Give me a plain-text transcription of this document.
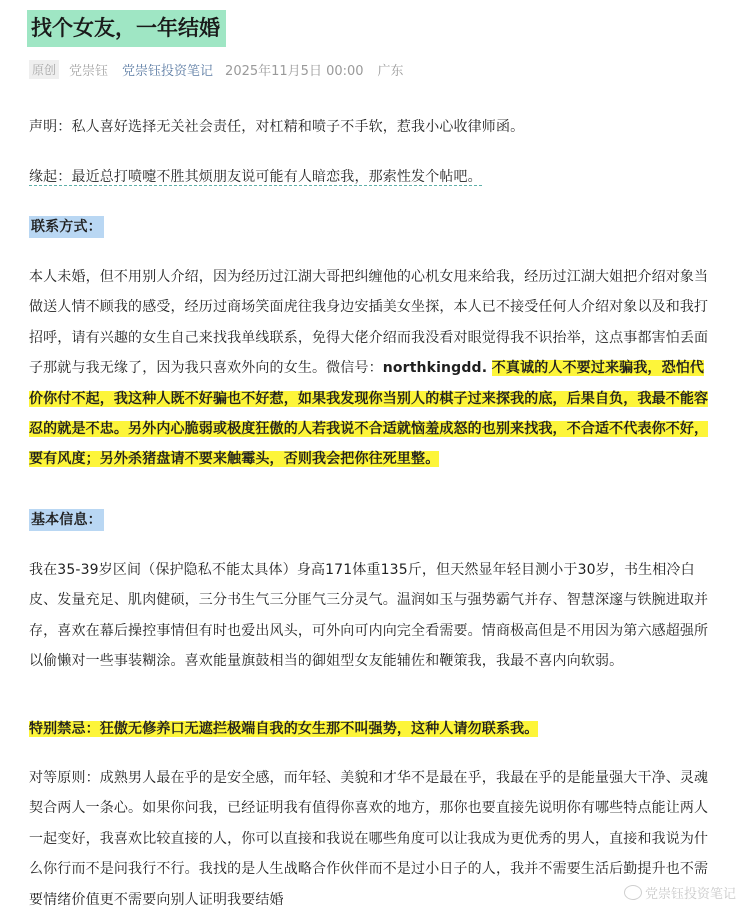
找个女友，一年结婚
原创 党崇钰 党崇钰投资笔记 2025年11月5日 00:00 广东

声明：私人喜好选择无关社会责任，对杠精和喷子不手软，惹我小心收律师函。

缘起：最近总打喷嚏不胜其烦朋友说可能有人暗恋我，那索性发个帖吧。

联系方式：

本人未婚，但不用别人介绍，因为经历过江湖大哥把纠缠他的心机女甩来给我，经历过江湖大姐把介绍对象当做送人情不顾我的感受，经历过商场笑面虎往我身边安插美女坐探，本人已不接受任何人介绍对象以及和我打招呼，请有兴趣的女生自己来找我单线联系，免得大佬介绍而我没看对眼觉得我不识抬举，这点事都害怕丢面子那就与我无缘了，因为我只喜欢外向的女生。微信号：northkingdd. 不真诚的人不要过来骗我，恐怕代价你付不起，我这种人既不好骗也不好惹，如果我发现你当别人的棋子过来探我的底，后果自负，我最不能容忍的就是不忠。另外内心脆弱或极度狂傲的人若我说不合适就恼羞成怒的也别来找我，不合适不代表你不好，要有风度；另外杀猪盘请不要来触霉头，否则我会把你往死里整。

基本信息：

我在35-39岁区间（保护隐私不能太具体）身高171体重135斤，但天然显年轻目测小于30岁，书生相冷白皮、发量充足、肌肉健硕，三分书生气三分匪气三分灵气。温润如玉与强势霸气并存、智慧深邃与铁腕进取并存，喜欢在幕后操控事情但有时也爱出风头，可外向可内向完全看需要。情商极高但是不用因为第六感超强所以偷懒对一些事装糊涂。喜欢能量旗鼓相当的御姐型女友能辅佐和鞭策我，我最不喜内向软弱。

特别禁忌：狂傲无修养口无遮拦极端自我的女生那不叫强势，这种人请勿联系我。

对等原则：成熟男人最在乎的是安全感，而年轻、美貌和才华不是最在乎，我最在乎的是能量强大干净、灵魂契合两人一条心。如果你问我，已经证明我有值得你喜欢的地方，那你也要直接先说明你有哪些特点能让两人一起变好，我喜欢比较直接的人，你可以直接和我说在哪些角度可以让我成为更优秀的男人，直接和我说为什么你行而不是问我行不行。我找的是人生战略合作伙伴而不是过小日子的人，我并不需要生活后勤提升也不需要情绪价值更不需要向别人证明我要结婚	党崇钰投资笔记
